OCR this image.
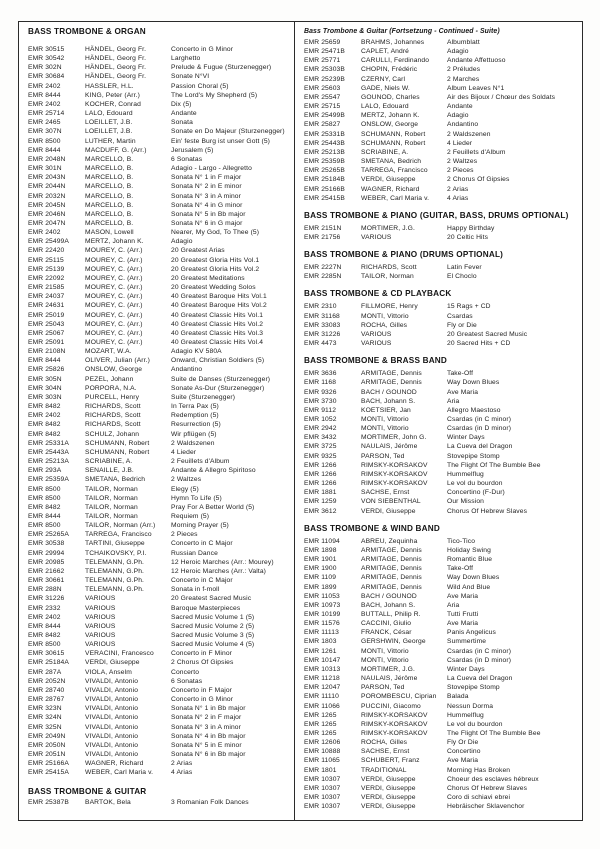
BASS TROMBONE & ORGAN
EMR 30515	HÄNDEL, Georg Fr.	Concerto in G Minor
EMR 30542	HÄNDEL, Georg Fr.	Larghetto
EMR 302N	HÄNDEL, Georg Fr.	Prelude & Fugue (Sturzenegger)
EMR 30684	HÄNDEL, Georg Fr.	Sonate N°VI
EMR 2402	HASSLER, H.L.	Passion Choral (5)
EMR 8444	KING, Peter (Arr.)	The Lord's My Shepherd (5)
EMR 2402	KOCHER, Conrad	Dix (5)
EMR 25714	LALO, Edouard	Andante
EMR 2465	LOEILLET, J.B.	Sonata
EMR 307N	LOEILLET, J.B.	Sonate en Do Majeur (Sturzenegger)
EMR 8500	LUTHER, Martin	Ein' feste Burg ist unser Gott (5)
EMR 8444	MACDUFF, G. (Arr.)	Jerusalem (5)
EMR 2048N	MARCELLO, B.	6 Sonatas
EMR 301N	MARCELLO, B.	Adagio - Largo - Allegretto
EMR 2043N	MARCELLO, B.	Sonata N° 1 in F major
EMR 2044N	MARCELLO, B.	Sonata N° 2 in E minor
EMR 2032N	MARCELLO, B.	Sonata N° 3 in A minor
EMR 2045N	MARCELLO, B.	Sonata N° 4 in G minor
EMR 2046N	MARCELLO, B.	Sonata N° 5 in Bb major
EMR 2047N	MARCELLO, B.	Sonata N° 6 in G major
EMR 2402	MASON, Lowell	Nearer, My God, To Thee (5)
EMR 25499A	MERTZ, Johann K.	Adagio
EMR 22420	MOUREY, C. (Arr.)	20 Greatest Arias
EMR 25115	MOUREY, C. (Arr.)	20 Greatest Gloria Hits Vol.1
EMR 25139	MOUREY, C. (Arr.)	20 Greatest Gloria Hits Vol.2
EMR 22092	MOUREY, C. (Arr.)	20 Greatest Meditations
EMR 21585	MOUREY, C. (Arr.)	20 Greatest Wedding Solos
EMR 24037	MOUREY, C. (Arr.)	40 Greatest Baroque Hits Vol.1
EMR 24631	MOUREY, C. (Arr.)	40 Greatest Baroque Hits Vol.2
EMR 25019	MOUREY, C. (Arr.)	40 Greatest Classic Hits Vol.1
EMR 25043	MOUREY, C. (Arr.)	40 Greatest Classic Hits Vol.2
EMR 25067	MOUREY, C. (Arr.)	40 Greatest Classic Hits Vol.3
EMR 25091	MOUREY, C. (Arr.)	40 Greatest Classic Hits Vol.4
EMR 2108N	MOZART, W.A.	Adagio KV 580A
EMR 8444	OLIVER, Julian (Arr.)	Onward, Christian Soldiers (5)
EMR 25826	ONSLOW, George	Andantino
EMR 305N	PEZEL, Johann	Suite de Danses (Sturzenegger)
EMR 304N	PORPORA, N.A.	Sonate As-Dur (Sturzenegger)
EMR 303N	PURCELL, Henry	Suite (Sturzenegger)
EMR 8482	RICHARDS, Scott	In Terra Pax (5)
EMR 2402	RICHARDS, Scott	Redemption (5)
EMR 8482	RICHARDS, Scott	Resurrection (5)
EMR 8482	SCHULZ, Johann	Wir pflügen (5)
EMR 25331A	SCHUMANN, Robert	2 Waldszenen
EMR 25443A	SCHUMANN, Robert	4 Lieder
EMR 25213A	SCRIABINE, A.	2 Feuillets d'Album
EMR 293A	SENAILLE, J.B.	Andante & Allegro Spiritoso
EMR 25359A	SMETANA, Bedrich	2 Waltzes
EMR 8500	TAILOR, Norman	Elegy (5)
EMR 8500	TAILOR, Norman	Hymn To Life (5)
EMR 8482	TAILOR, Norman	Pray For A Better World (5)
EMR 8444	TAILOR, Norman	Requiem (5)
EMR 8500	TAILOR, Norman (Arr.)	Morning Prayer (5)
EMR 25265A	TARREGA, Francisco	2 Pieces
EMR 30538	TARTINI, Giuseppe	Concerto in C Major
EMR 29994	TCHAIKOVSKY, P.I.	Russian Dance
EMR 20985	TELEMANN, G.Ph.	12 Heroic Marches (Arr.: Mourey)
EMR 21662	TELEMANN, G.Ph.	12 Heroic Marches (Arr.: Valta)
EMR 30661	TELEMANN, G.Ph.	Concerto in C Major
EMR 288N	TELEMANN, G.Ph.	Sonata in f-moll
EMR 31226	VARIOUS	20 Greatest Sacred Music
EMR 2332	VARIOUS	Baroque Masterpieces
EMR 2402	VARIOUS	Sacred Music Volume 1 (5)
EMR 8444	VARIOUS	Sacred Music Volume 2 (5)
EMR 8482	VARIOUS	Sacred Music Volume 3 (5)
EMR 8500	VARIOUS	Sacred Music Volume 4 (5)
EMR 30615	VERACINI, Francesco	Concerto in F Minor
EMR 25184A	VERDI, Giuseppe	2 Chorus Of Gipsies
EMR 287A	VIOLA, Anselm	Concerto
EMR 2052N	VIVALDI, Antonio	6 Sonatas
EMR 28740	VIVALDI, Antonio	Concerto in F Major
EMR 28767	VIVALDI, Antonio	Concerto in G Minor
EMR 323N	VIVALDI, Antonio	Sonata N° 1 in Bb major
EMR 324N	VIVALDI, Antonio	Sonata N° 2 in F major
EMR 325N	VIVALDI, Antonio	Sonata N° 3 in A minor
EMR 2049N	VIVALDI, Antonio	Sonata N° 4 in Bb major
EMR 2050N	VIVALDI, Antonio	Sonata N° 5 in E minor
EMR 2051N	VIVALDI, Antonio	Sonata N° 6 in Bb major
EMR 25166A	WAGNER, Richard	2 Arias
EMR 25415A	WEBER, Carl Maria v.	4 Arias
BASS TROMBONE & GUITAR
EMR 25387B	BARTOK, Bela	3 Romanian Folk Dances
Bass Trombone & Guitar (Fortsetzung - Continued - Suite)
EMR 25659	BRAHMS, Johannes	Albumblatt
EMR 25471B	CAPLET, André	Adagio
EMR 25771	CARULLI, Ferdinando	Andante Affettuoso
EMR 25303B	CHOPIN, Frédéric	2 Préludes
EMR 25239B	CZERNY, Carl	2 Marches
EMR 25603	GADE, Niels W.	Album Leaves N°1
EMR 25547	GOUNOD, Charles	Air des Bijoux / Chœur des Soldats
EMR 25715	LALO, Edouard	Andante
EMR 25499B	MERTZ, Johann K.	Adagio
EMR 25827	ONSLOW, George	Andantino
EMR 25331B	SCHUMANN, Robert	2 Waldszenen
EMR 25443B	SCHUMANN, Robert	4 Lieder
EMR 25213B	SCRIABINE, A.	2 Feuillets d'Album
EMR 25359B	SMETANA, Bedrich	2 Waltzes
EMR 25265B	TARREGA, Francisco	2 Pieces
EMR 25184B	VERDI, Giuseppe	2 Chorus Of Gipsies
EMR 25166B	WAGNER, Richard	2 Arias
EMR 25415B	WEBER, Carl Maria v.	4 Arias
BASS TROMBONE & PIANO (GUITAR, BASS, DRUMS OPTIONAL)
EMR 2151N	MORTIMER, J.G.	Happy Birthday
EMR 21756	VARIOUS	20 Celtic Hits
BASS TROMBONE & PIANO (DRUMS OPTIONAL)
EMR 2227N	RICHARDS, Scott	Latin Fever
EMR 2285N	TAILOR, Norman	El Choclo
BASS TROMBONE & CD PLAYBACK
EMR 2310	FILLMORE, Henry	15 Rags + CD
EMR 31168	MONTI, Vittorio	Csardas
EMR 33083	ROCHA, Gilles	Fly or Die
EMR 31226	VARIOUS	20 Greatest Sacred Music
EMR 4473	VARIOUS	20 Sacred Hits + CD
BASS TROMBONE & BRASS BAND
EMR 3636	ARMITAGE, Dennis	Take-Off
EMR 1168	ARMITAGE, Dennis	Way Down Blues
EMR 9326	BACH / GOUNOD	Ave Maria
EMR 3730	BACH, Johann S.	Aria
EMR 9112	KOETSIER, Jan	Allegro Maestoso
EMR 1052	MONTI, Vittorio	Csardas (in C minor)
EMR 2942	MONTI, Vittorio	Csardas (in D minor)
EMR 3432	MORTIMER, John G.	Winter Days
EMR 3725	NAULAIS, Jérôme	La Cueva del Dragon
EMR 9325	PARSON, Ted	Stovepipe Stomp
EMR 1266	RIMSKY-KORSAKOV	The Flight Of The Bumble Bee
EMR 1266	RIMSKY-KORSAKOV	Hummelflug
EMR 1266	RIMSKY-KORSAKOV	Le vol du bourdon
EMR 1881	SACHSE, Ernst	Concertino (F-Dur)
EMR 1259	VON SIEBENTHAL	Our Mission
EMR 3612	VERDI, Giuseppe	Chorus Of Hebrew Slaves
BASS TROMBONE & WIND BAND
EMR 11094	ABREU, Zequinha	Tico-Tico
EMR 1898	ARMITAGE, Dennis	Holiday Swing
EMR 1901	ARMITAGE, Dennis	Romantic Blue
EMR 1900	ARMITAGE, Dennis	Take-Off
EMR 1109	ARMITAGE, Dennis	Way Down Blues
EMR 1899	ARMITAGE, Dennis	Wild And Blue
EMR 11053	BACH / GOUNOD	Ave Maria
EMR 10973	BACH, Johann S.	Aria
EMR 10199	BUTTALL, Philip R.	Tutti Frutti
EMR 11576	CACCINI, Giulio	Ave Maria
EMR 11113	FRANCK, César	Panis Angelicus
EMR 1803	GERSHWIN, George	Summertime
EMR 1261	MONTI, Vittorio	Csardas (in C minor)
EMR 10147	MONTI, Vittorio	Csardas (in D minor)
EMR 10313	MORTIMER, J.G.	Winter Days
EMR 11218	NAULAIS, Jérôme	La Cueva del Dragon
EMR 12047	PARSON, Ted	Stovepipe Stomp
EMR 11110	POROMBESCU, Ciprian	Balada
EMR 11066	PUCCINI, Giacomo	Nessun Dorma
EMR 1265	RIMSKY-KORSAKOV	Hummelflug
EMR 1265	RIMSKY-KORSAKOV	Le vol du bourdon
EMR 1265	RIMSKY-KORSAKOV	The Flight Of The Bumble Bee
EMR 12606	ROCHA, Gilles	Fly Or Die
EMR 10888	SACHSE, Ernst	Concertino
EMR 11065	SCHUBERT, Franz	Ave Maria
EMR 1801	TRADITIONAL	Morning Has Broken
EMR 10307	VERDI, Giuseppe	Choeur des esclaves hébreux
EMR 10307	VERDI, Giuseppe	Chorus Of Hebrew Slaves
EMR 10307	VERDI, Giuseppe	Coro di schiavi ebrei
EMR 10307	VERDI, Giuseppe	Hebräischer Sklavenchor
